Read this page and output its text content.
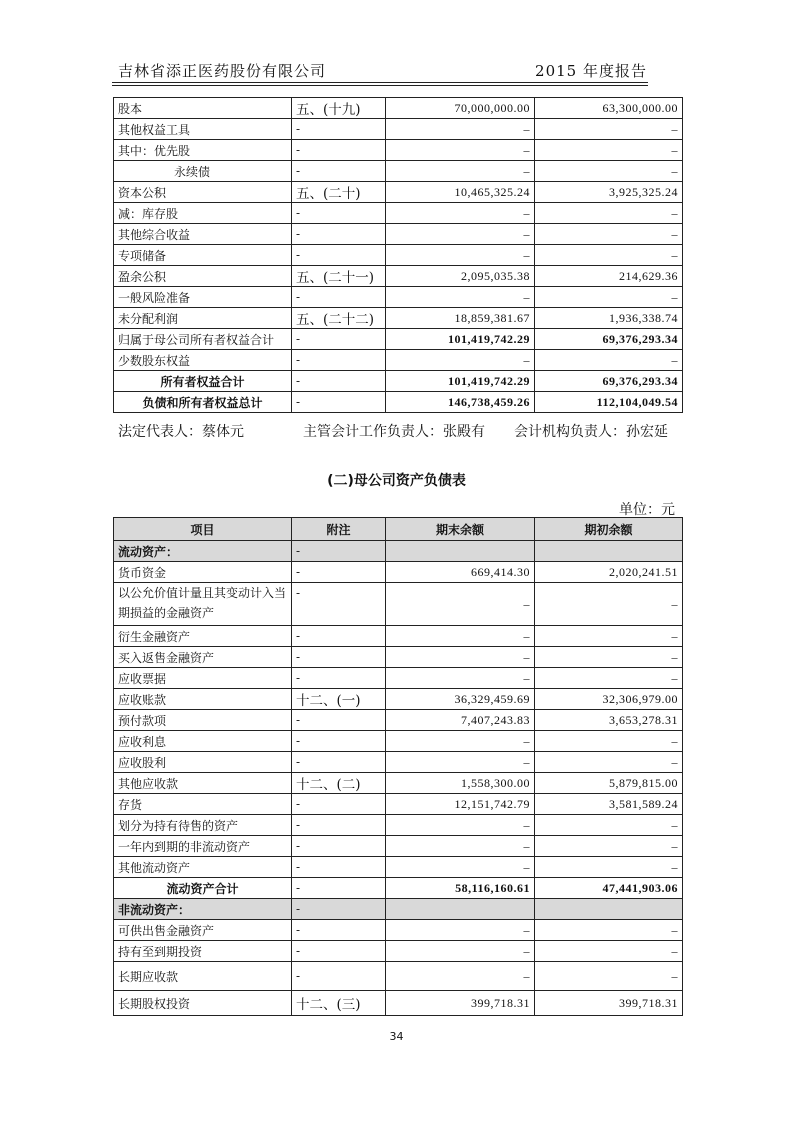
吉林省添正医药股份有限公司	2015 年度报告
股本	五、(十九)	70,000,000.00	63,300,000.00
其他权益工具	-	–	–
其中：优先股	-	–	–
永续债	-	–	–
资本公积	五、(二十)	10,465,325.24	3,925,325.24
减：库存股	-	–	–
其他综合收益	-	–	–
专项储备	-	–	–
盈余公积	五、(二十一)	2,095,035.38	214,629.36
一般风险准备	-	–	–
未分配利润	五、(二十二)	18,859,381.67	1,936,338.74
归属于母公司所有者权益合计	-	101,419,742.29	69,376,293.34
少数股东权益	-	–	–
所有者权益合计	-	101,419,742.29	69,376,293.34
负债和所有者权益总计	-	146,738,459.26	112,104,049.54
法定代表人：蔡体元	主管会计工作负责人：张殿有 会计机构负责人：孙宏延
(二)母公司资产负债表
单位：元
项目	附注	期末余额	期初余额
流动资产：	-		
货币资金	-	669,414.30	2,020,241.51
以公允价值计量且其变动计入当期损益的金融资产	-	–	–
衍生金融资产	-	–	–
买入返售金融资产	-	–	–
应收票据	-	–	–
应收账款	十二、(一)	36,329,459.69	32,306,979.00
预付款项	-	7,407,243.83	3,653,278.31
应收利息	-	–	–
应收股利	-	–	–
其他应收款	十二、(二)	1,558,300.00	5,879,815.00
存货	-	12,151,742.79	3,581,589.24
划分为持有待售的资产	-	–	–
一年内到期的非流动资产	-	–	–
其他流动资产	-	–	–
流动资产合计	-	58,116,160.61	47,441,903.06
非流动资产：	-		
可供出售金融资产	-	–	–
持有至到期投资	-	–	–
长期应收款	-	–	–
长期股权投资	十二、(三)	399,718.31	399,718.31
34
